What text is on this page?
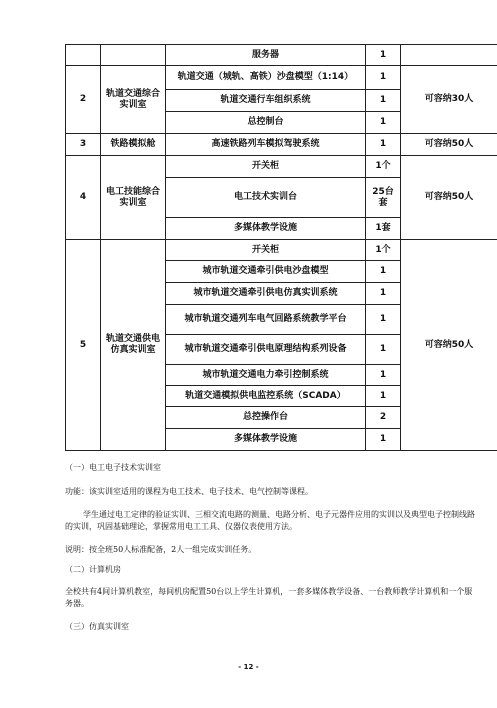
		服务器	1	
2	轨道交通综合实训室	轨道交通（城轨、高铁）沙盘模型（1:14）	1	可容纳30人
		轨道交通行车组织系统	1	
		总控制台	1	
3	铁路模拟舱	高速铁路列车模拟驾驶系统	1	可容纳50人
4	电工技能综合实训室	开关柜	1个	可容纳50人
		电工技术实训台	25台套	
		多媒体教学设施	1套	
5	轨道交通供电仿真实训室	开关柜	1个	可容纳50人
		城市轨道交通牵引供电沙盘模型	1	
		城市轨道交通牵引供电仿真实训系统	1	
		城市轨道交通列车电气回路系统教学平台	1	
		城市轨道交通牵引供电原理结构系列设备	1	
		城市轨道交通电力牵引控制系统	1	
		轨道交通模拟供电监控系统（SCADA）	1	
		总控操作台	2	
		多媒体教学设施	1	

（一）电工电子技术实训室

功能：该实训室适用的课程为电工技术、电子技术、电气控制等课程。

学生通过电工定律的验证实训、三相交流电路的测量、电路分析、电子元器件应用的实训以及典型电子控制线路的实训，巩固基础理论，掌握常用电工工具、仪器仪表使用方法。

说明：按全班50人标准配备，2人一组完成实训任务。

（二）计算机房

全校共有4间计算机教室，每间机房配置50台以上学生计算机，一套多媒体教学设备、一台教师教学计算机和一个服务器。

（三）仿真实训室

- 12 -
